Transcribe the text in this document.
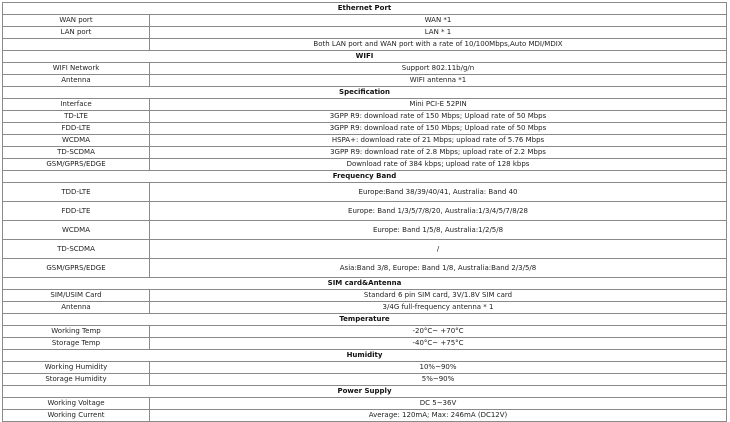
Ethernet Port	
WAN port	WAN *1
LAN port	LAN * 1
	Both LAN port and WAN port with a rate of 10/100Mbps,Auto MDI/MDIX
WIFI	
WIFI Network	Support 802.11b/g/n
Antenna	WIFI antenna *1
Specification	
Interface	Mini PCI-E 52PIN
TD-LTE	3GPP R9: download rate of 150 Mbps; Upload rate of 50 Mbps
FDD-LTE	3GPP R9: download rate of 150 Mbps; Upload rate of 50 Mbps
WCDMA	HSPA+: download rate of 21 Mbps; upload rate of 5.76 Mbps
TD-SCDMA	3GPP R9: download rate of 2.8 Mbps; upload rate of 2.2 Mbps
GSM/GPRS/EDGE	Download rate of 384 kbps; upload rate of 128 kbps
Frequency Band	
TDD-LTE	Europe:Band 38/39/40/41, Australia: Band 40
FDD-LTE	Europe: Band 1/3/5/7/8/20, Australia:1/3/4/5/7/8/28
WCDMA	Europe: Band 1/5/8, Australia:1/2/5/8
TD-SCDMA	/
GSM/GPRS/EDGE	Asia:Band 3/8, Europe: Band 1/8, Australia:Band 2/3/5/8
SIM card&Antenna	
SIM/USIM Card	Standard 6 pin SIM card, 3V/1.8V SIM card
Antenna	3/4G full-frequency antenna * 1
Temperature	
Working Temp	-20°C~ +70°C
Storage Temp	-40°C~ +75°C
Humidity	
Working Humidity	10%~90%
Storage Humidity	5%~90%
Power Supply	
Working Voltage	DC 5~36V
Working Current	Average: 120mA; Max: 246mA (DC12V)
